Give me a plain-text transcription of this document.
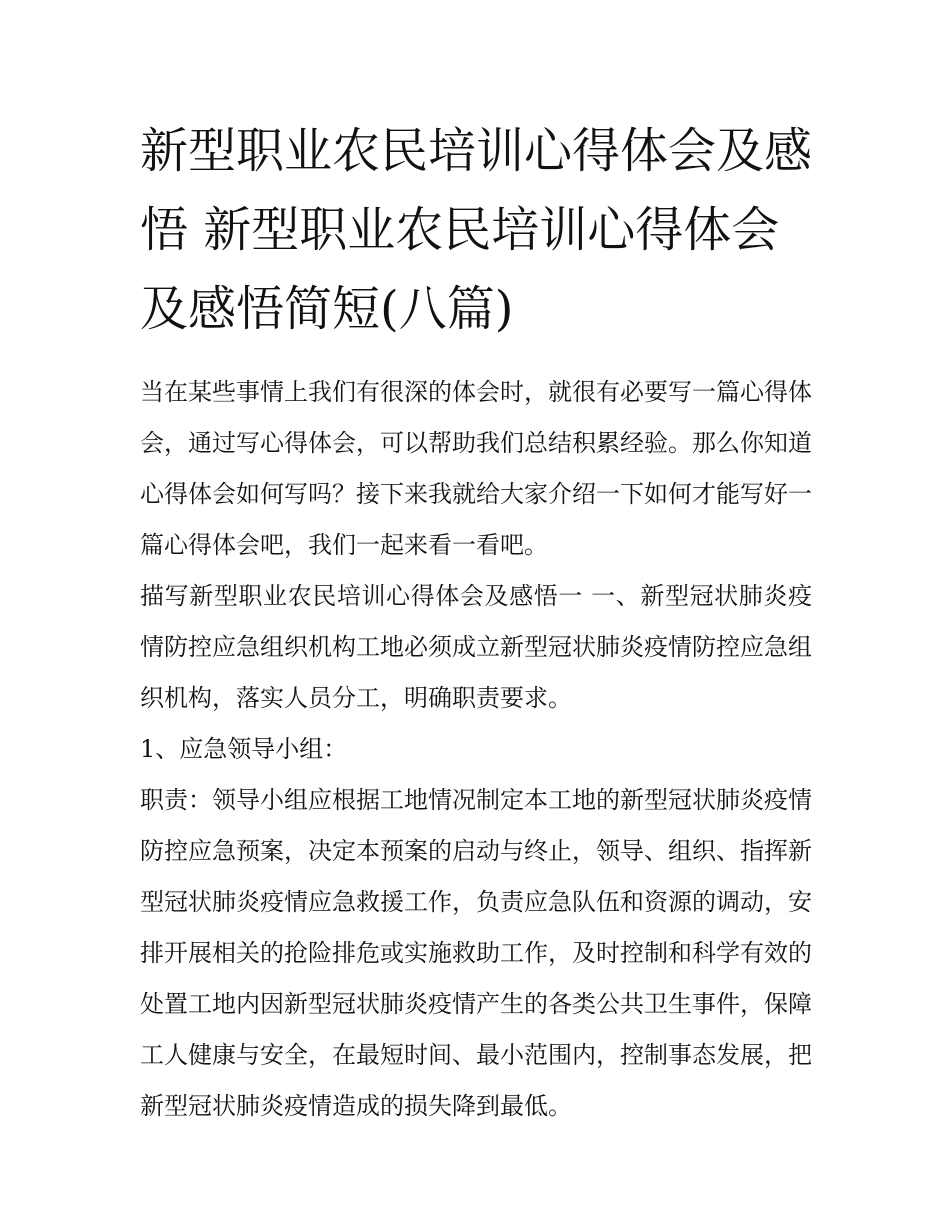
新型职业农民培训心得体会及感悟 新型职业农民培训心得体会及感悟简短(八篇)

当在某些事情上我们有很深的体会时，就很有必要写一篇心得体会，通过写心得体会，可以帮助我们总结积累经验。那么你知道心得体会如何写吗？接下来我就给大家介绍一下如何才能写好一篇心得体会吧，我们一起来看一看吧。

描写新型职业农民培训心得体会及感悟一 一、新型冠状肺炎疫情防控应急组织机构工地必须成立新型冠状肺炎疫情防控应急组织机构，落实人员分工，明确职责要求。

1、应急领导小组：

职责：领导小组应根据工地情况制定本工地的新型冠状肺炎疫情防控应急预案，决定本预案的启动与终止，领导、组织、指挥新型冠状肺炎疫情应急救援工作，负责应急队伍和资源的调动，安排开展相关的抢险排危或实施救助工作，及时控制和科学有效的处置工地内因新型冠状肺炎疫情产生的各类公共卫生事件，保障工人健康与安全，在最短时间、最小范围内，控制事态发展，把新型冠状肺炎疫情造成的损失降到最低。
